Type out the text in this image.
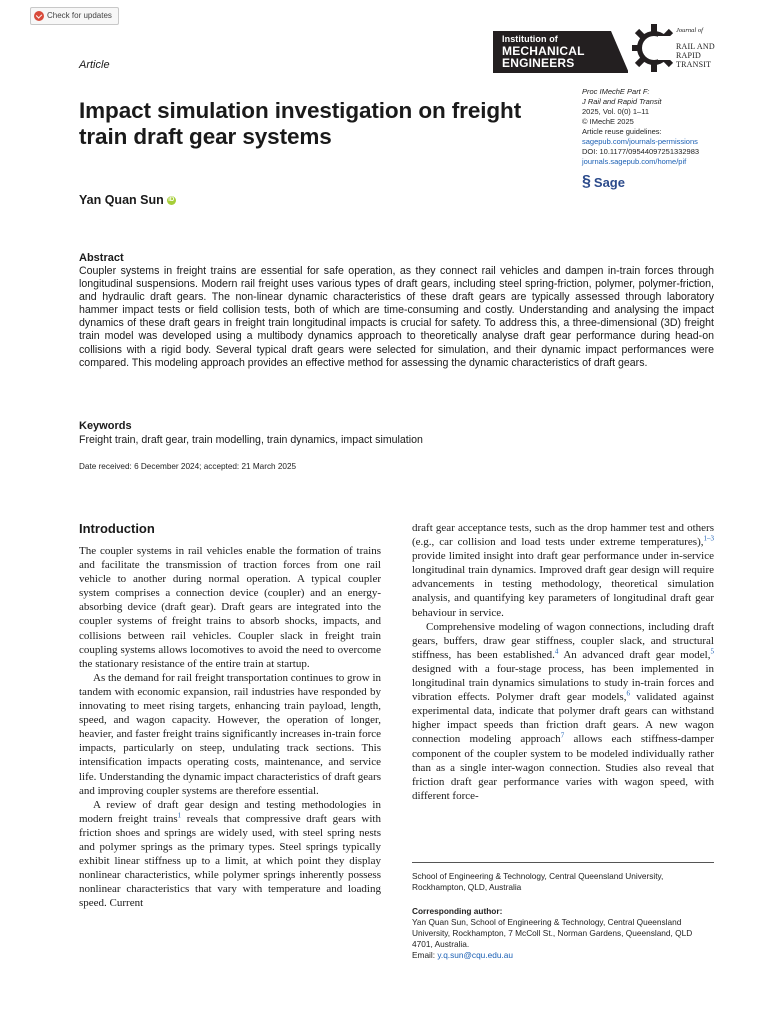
Check for updates
Institution of
MECHANICAL
ENGINEERS
Journal of
RAIL AND
RAPID TRANSIT
Article
Impact simulation investigation on freight train draft gear systems
Proc IMechE Part F:
J Rail and Rapid Transit
2025, Vol. 0(0) 1–11
© IMechE 2025
Article reuse guidelines:
sagepub.com/journals-permissions
DOI: 10.1177/09544097251332983
journals.sagepub.com/home/pif
§ Sage
Yan Quan Sun iD
Abstract

Coupler systems in freight trains are essential for safe operation, as they connect rail vehicles and dampen in-train forces through longitudinal suspensions. Modern rail freight uses various types of draft gears, including steel spring-friction, polymer, polymer-friction, and hydraulic draft gears. The non-linear dynamic characteristics of these draft gears are typically assessed through laboratory hammer impact tests or field collision tests, both of which are time-consuming and costly. Understanding and analysing the impact dynamics of these draft gears in freight train longitudinal impacts is crucial for safety. To address this, a three-dimensional (3D) freight train model was developed using a multibody dynamics approach to theoretically analyse draft gear performance during head-on collisions with a rigid body. Several typical draft gears were selected for simulation, and their dynamic impact performances were compared. This modeling approach provides an effective method for assessing the dynamic characteristics of draft gears.

Keywords

Freight train, draft gear, train modelling, train dynamics, impact simulation

Date received: 6 December 2024; accepted: 21 March 2025
Introduction

The coupler systems in rail vehicles enable the formation of trains and facilitate the transmission of traction forces from one rail vehicle to another during normal operation. A typical coupler system comprises a connection device (coupler) and an energy-absorbing device (draft gear). Draft gears are integrated into the coupler systems of freight trains to absorb shocks, impacts, and collisions between rail vehicles. Coupler slack in freight train coupling systems allows locomotives to avoid the need to overcome the stationary resistance of the entire train at startup.

As the demand for rail freight transportation continues to grow in tandem with economic expansion, rail industries have responded by innovating to meet rising targets, enhancing train payload, length, speed, and wagon capacity. However, the operation of longer, heavier, and faster freight trains significantly increases in-train force impacts, particularly on steep, undulating track sections. This intensification impacts operating costs, maintenance, and service life. Understanding the dynamic impact characteristics of draft gears and improving coupler systems are therefore essential.

A review of draft gear design and testing methodologies in modern freight trains$^1$ reveals that compressive draft gears with friction shoes and springs are widely used, with steel spring nests and polymer springs as the primary types. Steel springs typically exhibit linear stiffness up to a limit, at which point they display nonlinear characteristics, while polymer springs inherently possess nonlinear characteristics that vary with temperature and loading speed. Current

draft gear acceptance tests, such as the drop hammer test and others (e.g., car collision and load tests under extreme temperatures),$^{1-3}$ provide limited insight into draft gear performance under in-service longitudinal train dynamics. Improved draft gear design will require advancements in testing methodology, theoretical simulation analysis, and quantifying key parameters of longitudinal draft gear behaviour in service.

Comprehensive modeling of wagon connections, including draft gears, buffers, draw gear stiffness, coupler slack, and structural stiffness, has been established.$^4$ An advanced draft gear model,$^5$ designed with a four-stage process, has been implemented in longitudinal train dynamics simulations to study in-train forces and vibration effects. Polymer draft gear models,$^6$ validated against experimental data, indicate that polymer draft gears can withstand higher impact speeds than friction draft gears. A new wagon connection modeling approach$^7$ allows each stiffness-damper component of the coupler system to be modeled individually rather than as a single inter-wagon connection. Studies also reveal that friction draft gear performance varies with wagon speed, with different force-

School of Engineering & Technology, Central Queensland University, Rockhampton, QLD, Australia

Corresponding author:

Yan Quan Sun, School of Engineering & Technology, Central Queensland University, Rockhampton, 7 McColl St., Norman Gardens, Queensland, QLD 4701, Australia.

Email: y.q.sun@cqu.edu.au
